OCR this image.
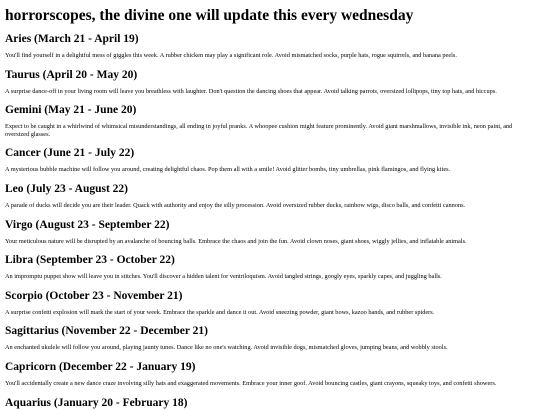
horrorscopes, the divine one will update this every wednesday
Aries (March 21 - April 19)

You'll find yourself in a delightful mess of giggles this week. A rubber chicken may play a significant role. Avoid mismatched socks, purple hats, rogue squirrels, and banana peels.

Taurus (April 20 - May 20)

A surprise dance-off in your living room will leave you breathless with laughter. Don't question the dancing shoes that appear. Avoid talking parrots, oversized lollipops, tiny top hats, and hiccups.

Gemini (May 21 - June 20)

Expect to be caught in a whirlwind of whimsical misunderstandings, all ending in joyful pranks. A whoopee cushion might feature prominently. Avoid giant marshmallows, invisible ink, neon paint, and oversized glasses.

Cancer (June 21 - July 22)

A mysterious bubble machine will follow you around, creating delightful chaos. Pop them all with a smile! Avoid glitter bombs, tiny umbrellas, pink flamingos, and flying kites.

Leo (July 23 - August 22)

A parade of ducks will decide you are their leader. Quack with authority and enjoy the silly procession. Avoid oversized rubber ducks, rainbow wigs, disco balls, and confetti cannons.

Virgo (August 23 - September 22)

Your meticulous nature will be disrupted by an avalanche of bouncing balls. Embrace the chaos and join the fun. Avoid clown noses, giant shoes, wiggly jellies, and inflatable animals.

Libra (September 23 - October 22)

An impromptu puppet show will leave you in stitches. You'll discover a hidden talent for ventriloquism. Avoid tangled strings, googly eyes, sparkly capes, and juggling balls.

Scorpio (October 23 - November 21)

A surprise confetti explosion will mark the start of your week. Embrace the sparkle and dance it out. Avoid sneezing powder, giant bows, kazoo bands, and rubber spiders.

Sagittarius (November 22 - December 21)

An enchanted ukulele will follow you around, playing jaunty tunes. Dance like no one's watching. Avoid invisible dogs, mismatched gloves, jumping beans, and wobbly stools.

Capricorn (December 22 - January 19)

You'll accidentally create a new dance craze involving silly hats and exaggerated movements. Embrace your inner goof. Avoid bouncing castles, giant crayons, squeaky toys, and confetti showers.

Aquarius (January 20 - February 18)
